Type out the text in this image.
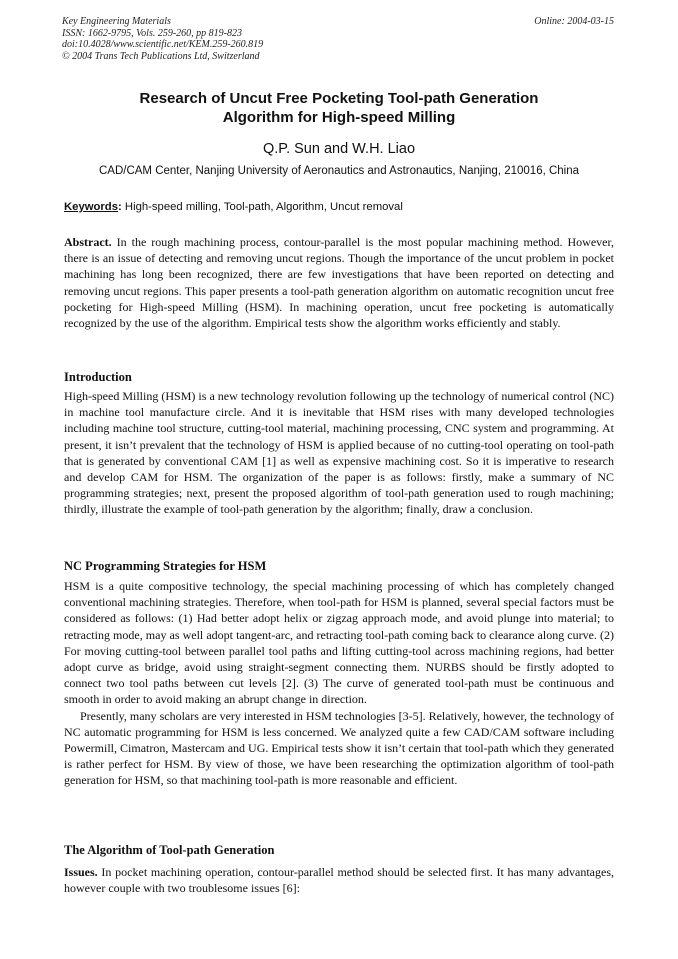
Key Engineering Materials
ISSN: 1662-9795, Vols. 259-260, pp 819-823
doi:10.4028/www.scientific.net/KEM.259-260.819
© 2004 Trans Tech Publications Ltd, Switzerland
Online: 2004-03-15
Research of Uncut Free Pocketing Tool-path Generation
Algorithm for High-speed Milling
Q.P. Sun and W.H. Liao
CAD/CAM Center, Nanjing University of Aeronautics and Astronautics, Nanjing, 210016, China
Keywords: High-speed milling, Tool-path, Algorithm, Uncut removal

Abstract. In the rough machining process, contour-parallel is the most popular machining method. However, there is an issue of detecting and removing uncut regions. Though the importance of the uncut problem in pocket machining has long been recognized, there are few investigations that have been reported on detecting and removing uncut regions. This paper presents a tool-path generation algorithm on automatic recognition uncut free pocketing for High-speed Milling (HSM). In machining operation, uncut free pocketing is automatically recognized by the use of the algorithm. Empirical tests show the algorithm works efficiently and stably.

Introduction

High-speed Milling (HSM) is a new technology revolution following up the technology of numerical control (NC) in machine tool manufacture circle. And it is inevitable that HSM rises with many developed technologies including machine tool structure, cutting-tool material, machining processing, CNC system and programming. At present, it isn’t prevalent that the technology of HSM is applied because of no cutting-tool operating on tool-path that is generated by conventional CAM [1] as well as expensive machining cost. So it is imperative to research and develop CAM for HSM. The organization of the paper is as follows: firstly, make a summary of NC programming strategies; next, present the proposed algorithm of tool-path generation used to rough machining; thirdly, illustrate the example of tool-path generation by the algorithm; finally, draw a conclusion.

NC Programming Strategies for HSM

HSM is a quite compositive technology, the special machining processing of which has completely changed conventional machining strategies. Therefore, when tool-path for HSM is planned, several special factors must be considered as follows: (1) Had better adopt helix or zigzag approach mode, and avoid plunge into material; to retracting mode, may as well adopt tangent-arc, and retracting tool-path coming back to clearance along curve. (2) For moving cutting-tool between parallel tool paths and lifting cutting-tool across machining regions, had better adopt curve as bridge, avoid using straight-segment connecting them. NURBS should be firstly adopted to connect two tool paths between cut levels [2]. (3) The curve of generated tool-path must be continuous and smooth in order to avoid making an abrupt change in direction.

Presently, many scholars are very interested in HSM technologies [3-5]. Relatively, however, the technology of NC automatic programming for HSM is less concerned. We analyzed quite a few CAD/CAM software including Powermill, Cimatron, Mastercam and UG. Empirical tests show it isn’t certain that tool-path which they generated is rather perfect for HSM. By view of those, we have been researching the optimization algorithm of tool-path generation for HSM, so that machining tool-path is more reasonable and efficient.

The Algorithm of Tool-path Generation

Issues. In pocket machining operation, contour-parallel method should be selected first. It has many advantages, however couple with two troublesome issues [6]:
